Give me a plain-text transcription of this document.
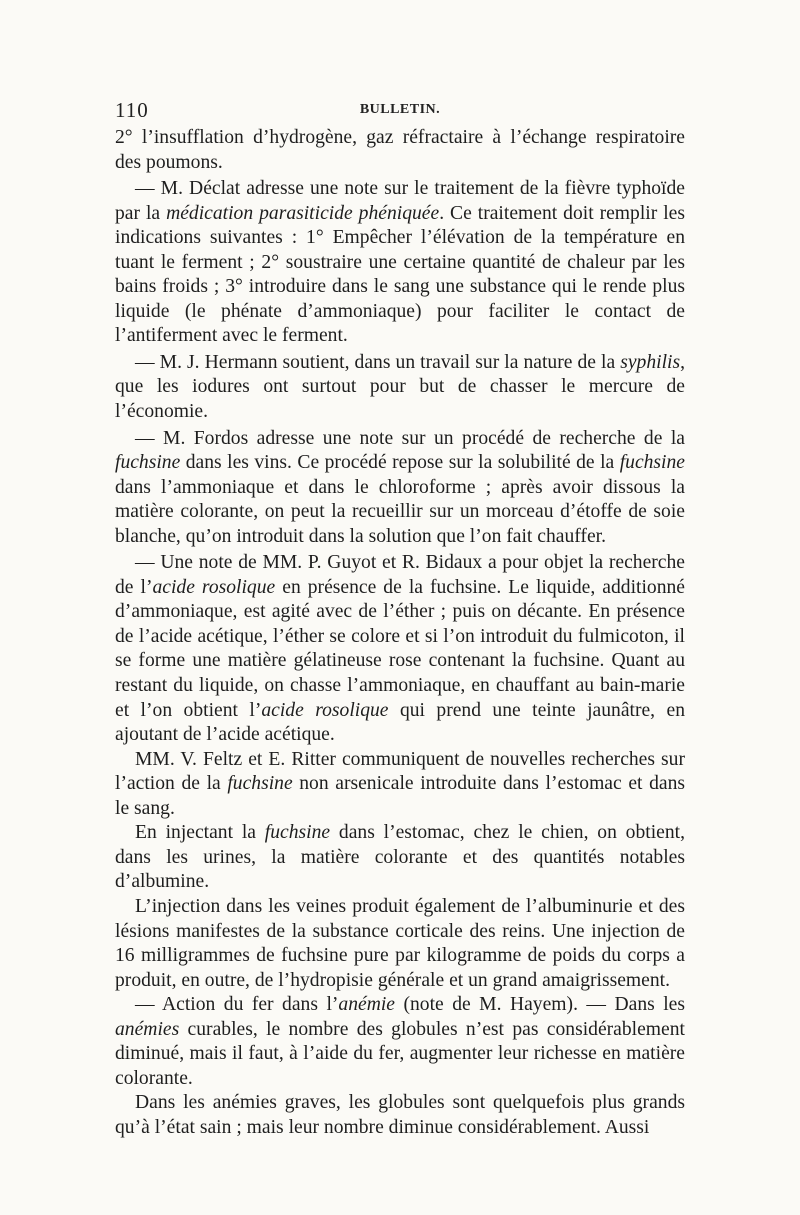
110	BULLETIN.

2° l’insufflation d’hydrogène, gaz réfractaire à l’échange respiratoire des poumons.

— M. Déclat adresse une note sur le traitement de la fièvre typhoïde par la médication parasiticide phéniquée. Ce traitement doit remplir les indications suivantes : 1° Empêcher l’élévation de la température en tuant le ferment ; 2° soustraire une certaine quantité de chaleur par les bains froids ; 3° introduire dans le sang une substance qui le rende plus liquide (le phénate d’ammoniaque) pour faciliter le contact de l’antiferment avec le ferment.

— M. J. Hermann soutient, dans un travail sur la nature de la syphilis, que les iodures ont surtout pour but de chasser le mercure de l’économie.

— M. Fordos adresse une note sur un procédé de recherche de la fuchsine dans les vins. Ce procédé repose sur la solubilité de la fuchsine dans l’ammoniaque et dans le chloroforme ; après avoir dissous la matière colorante, on peut la recueillir sur un morceau d’étoffe de soie blanche, qu’on introduit dans la solution que l’on fait chauffer.

— Une note de MM. P. Guyot et R. Bidaux a pour objet la recherche de l’acide rosolique en présence de la fuchsine. Le liquide, additionné d’ammoniaque, est agité avec de l’éther ; puis on décante. En présence de l’acide acétique, l’éther se colore et si l’on introduit du fulmicoton, il se forme une matière gélatineuse rose contenant la fuchsine. Quant au restant du liquide, on chasse l’ammoniaque, en chauffant au bain-marie et l’on obtient l’acide rosolique qui prend une teinte jaunâtre, en ajoutant de l’acide acétique.

MM. V. Feltz et E. Ritter communiquent de nouvelles recherches sur l’action de la fuchsine non arsenicale introduite dans l’estomac et dans le sang.

En injectant la fuchsine dans l’estomac, chez le chien, on obtient, dans les urines, la matière colorante et des quantités notables d’albumine.

L’injection dans les veines produit également de l’albuminurie et des lésions manifestes de la substance corticale des reins. Une injection de 16 milligrammes de fuchsine pure par kilogramme de poids du corps a produit, en outre, de l’hydropisie générale et un grand amaigrissement.

— Action du fer dans l’anémie (note de M. Hayem). — Dans les anémies curables, le nombre des globules n’est pas considérablement diminué, mais il faut, à l’aide du fer, augmenter leur richesse en matière colorante.

Dans les anémies graves, les globules sont quelquefois plus grands qu’à l’état sain ; mais leur nombre diminue considérablement. Aussi
